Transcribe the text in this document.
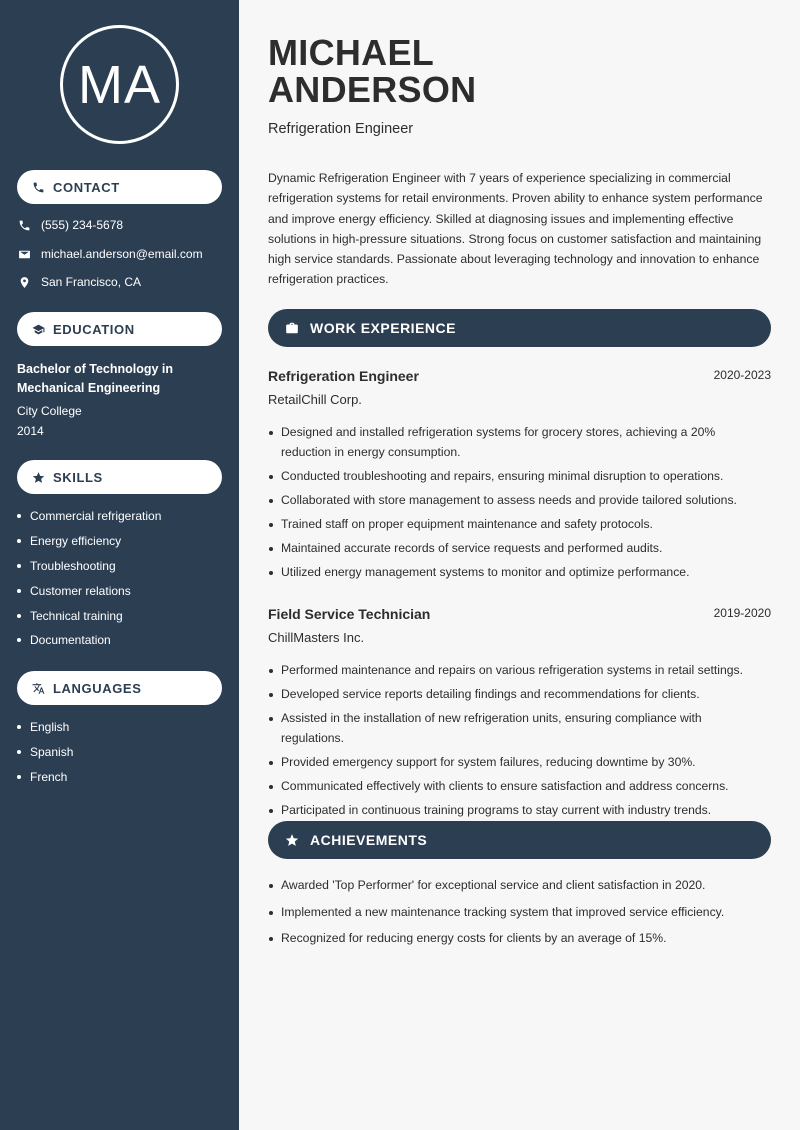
MA
CONTACT
(555) 234-5678
michael.anderson@email.com
San Francisco, CA
EDUCATION
Bachelor of Technology in Mechanical Engineering
City College
2014
SKILLS
Commercial refrigeration
Energy efficiency
Troubleshooting
Customer relations
Technical training
Documentation
LANGUAGES
English
Spanish
French
MICHAEL
ANDERSON
Refrigeration Engineer

Dynamic Refrigeration Engineer with 7 years of experience specializing in commercial refrigeration systems for retail environments. Proven ability to enhance system performance and improve energy efficiency. Skilled at diagnosing issues and implementing effective solutions in high-pressure situations. Strong focus on customer satisfaction and maintaining high service standards. Passionate about leveraging technology and innovation to enhance refrigeration practices.

WORK EXPERIENCE
Refrigeration Engineer	2020-2023
RetailChill Corp.
Designed and installed refrigeration systems for grocery stores, achieving a 20% reduction in energy consumption.
Conducted troubleshooting and repairs, ensuring minimal disruption to operations.
Collaborated with store management to assess needs and provide tailored solutions.
Trained staff on proper equipment maintenance and safety protocols.
Maintained accurate records of service requests and performed audits.
Utilized energy management systems to monitor and optimize performance.
Field Service Technician	2019-2020
ChillMasters Inc.
Performed maintenance and repairs on various refrigeration systems in retail settings.
Developed service reports detailing findings and recommendations for clients.
Assisted in the installation of new refrigeration units, ensuring compliance with regulations.
Provided emergency support for system failures, reducing downtime by 30%.
Communicated effectively with clients to ensure satisfaction and address concerns.
Participated in continuous training programs to stay current with industry trends.
ACHIEVEMENTS
Awarded 'Top Performer' for exceptional service and client satisfaction in 2020.
Implemented a new maintenance tracking system that improved service efficiency.
Recognized for reducing energy costs for clients by an average of 15%.
